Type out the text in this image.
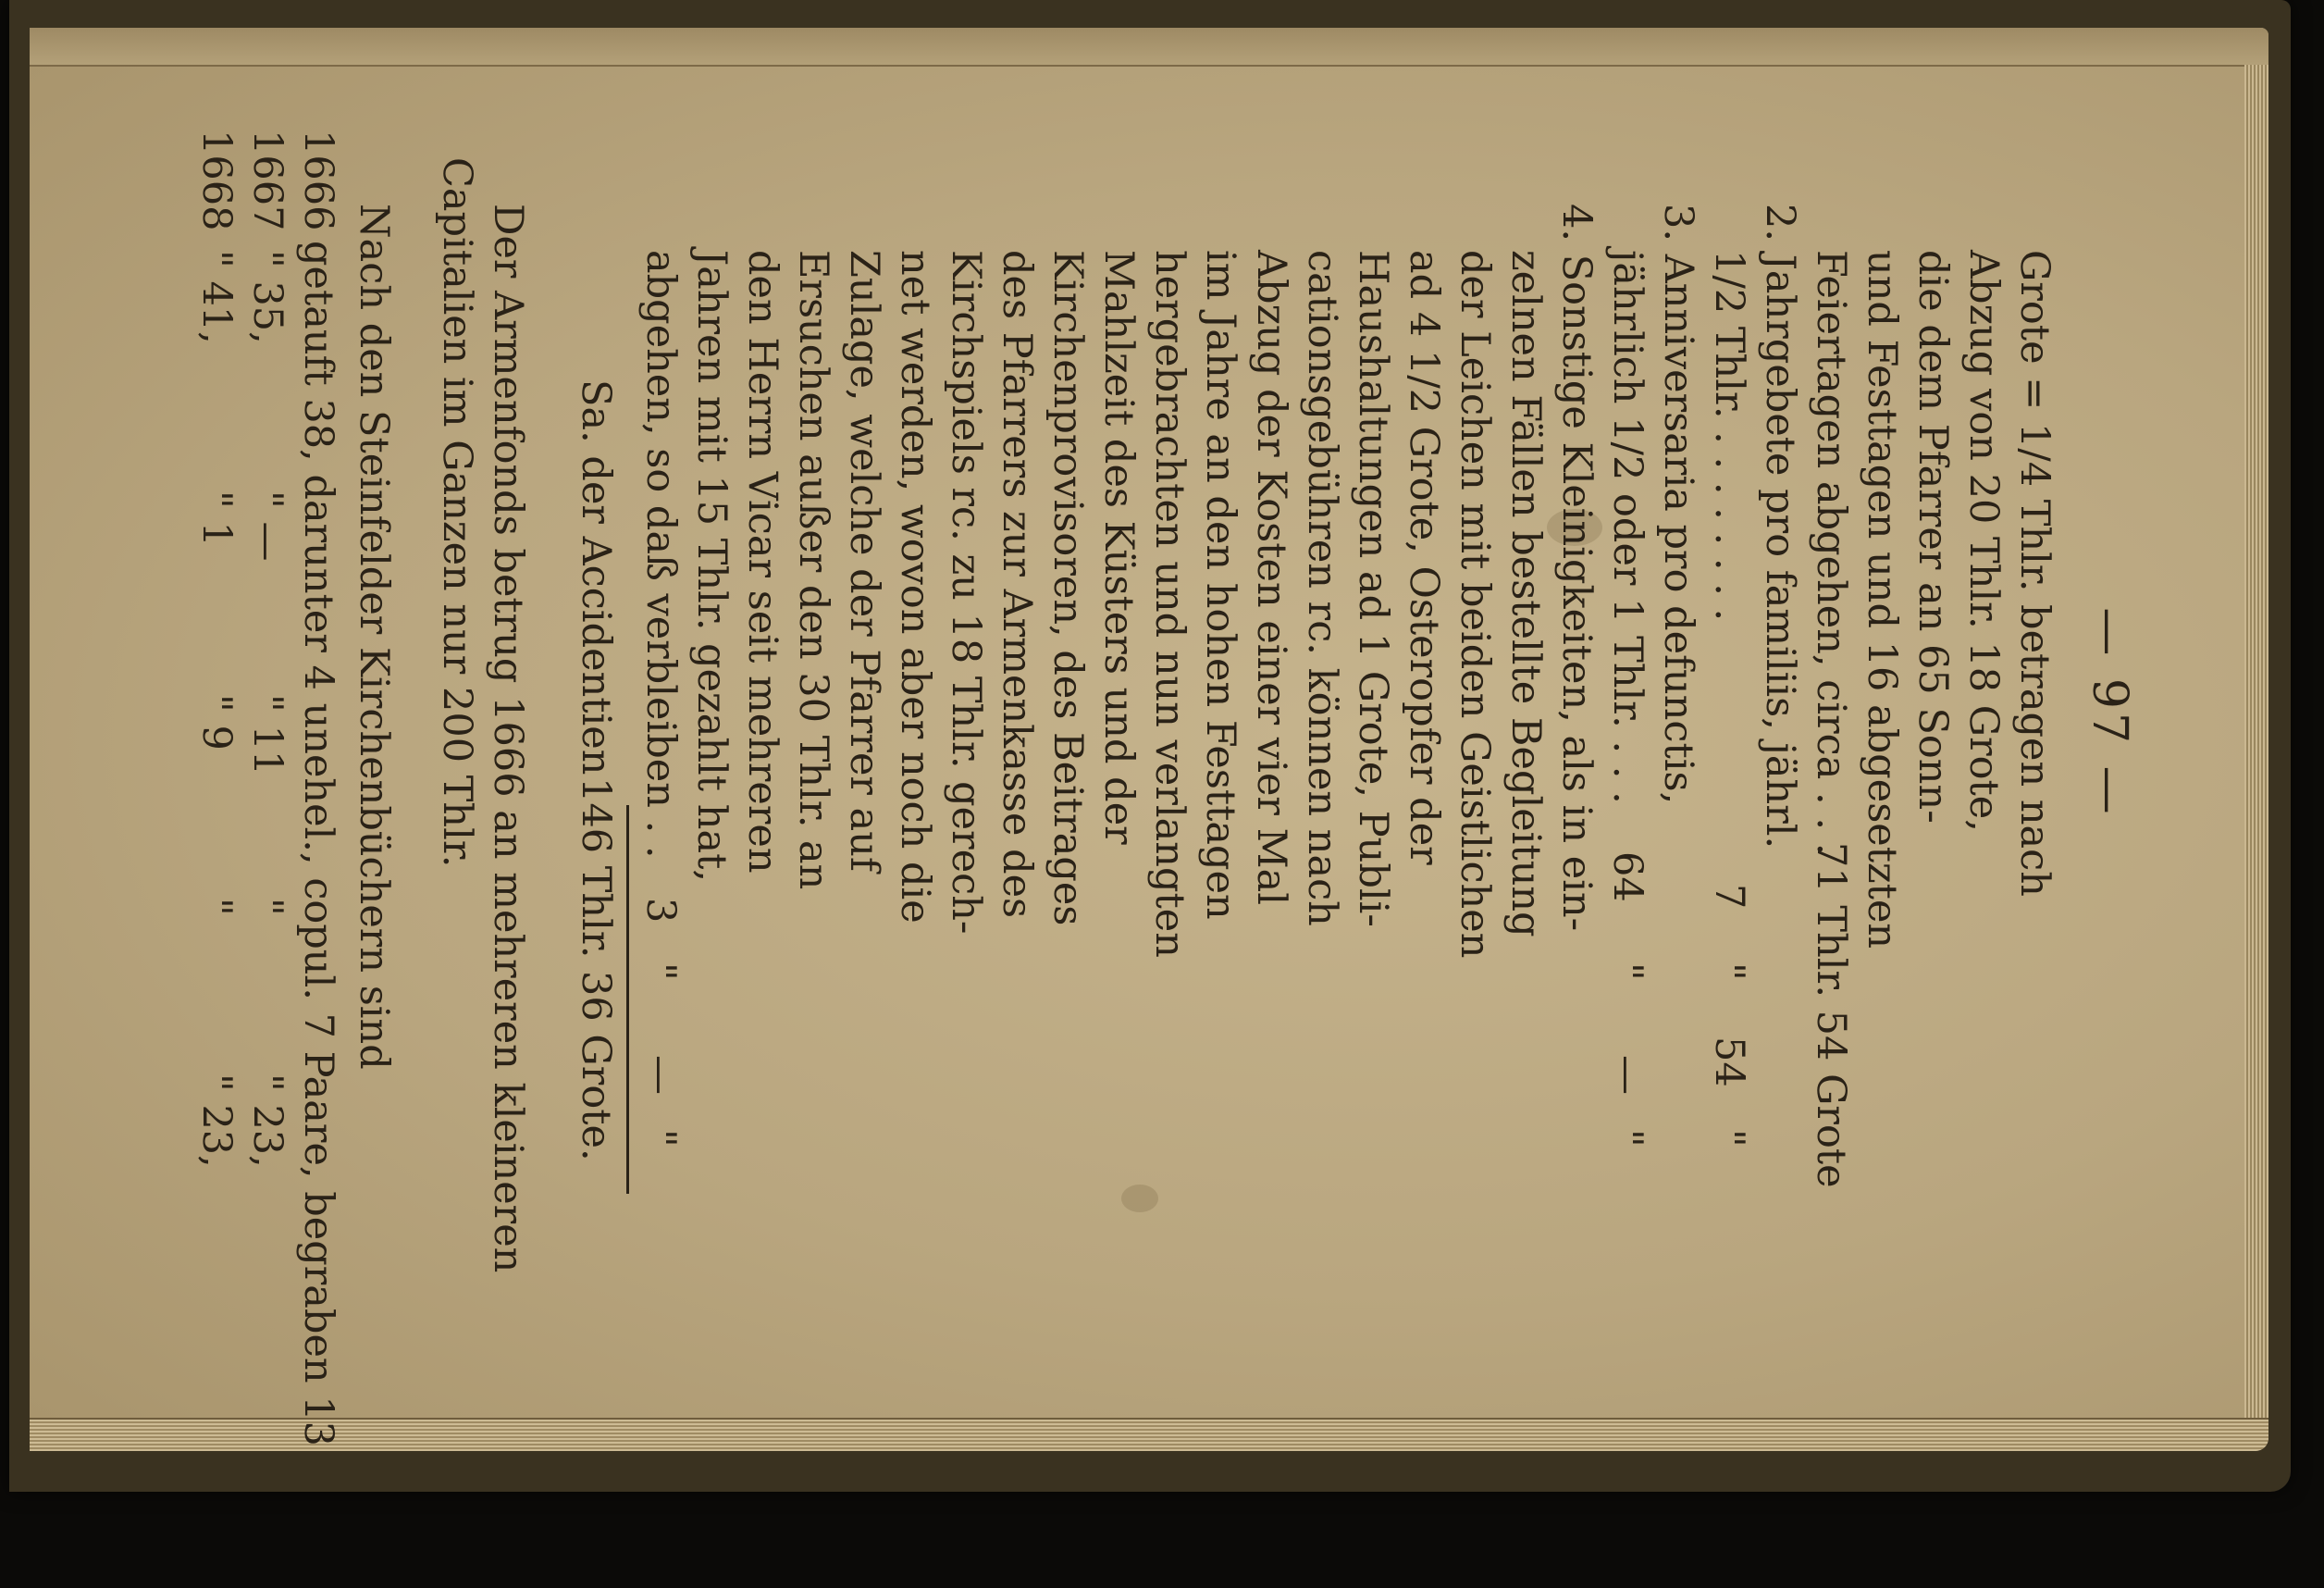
— 97 —
Grote = 1/4 Thlr. betragen nach
Abzug von 20 Thlr. 18 Grote,
die dem Pfarrer an 65 Sonn-
und Festtagen und 16 abgesetzten
Feiertagen abgehen, circa . . .
71 Thlr. 54 Grote
2. Jahrgebete pro familiis, jährl.
1/2 Thlr. . . . . . . . .
7
"
54
"
3. Anniversaria pro defunctis,
jährlich 1/2 oder 1 Thlr. . . .
64
"
—
"
4. Sonstige Kleinigkeiten, als in ein-
zelnen Fällen bestellte Begleitung
der Leichen mit beiden Geistlichen
ad 4 1/2 Grote, Osteropfer der
Haushaltungen ad 1 Grote, Publi-
cationsgebühren rc. können nach
Abzug der Kosten einer vier Mal
im Jahre an den hohen Festtagen
hergebrachten und nun verlangten
Mahlzeit des Küsters und der
Kirchenprovisoren, des Beitrages
des Pfarrers zur Armenkasse des
Kirchspiels rc. zu 18 Thlr. gerech-
net werden, wovon aber noch die
Zulage, welche der Pfarrer auf
Ersuchen außer den 30 Thlr. an
den Herrn Vicar seit mehreren
Jahren mit 15 Thlr. gezahlt hat,
abgehen, so daß verbleiben . .
3
"
—
"
Sa. der Accidentien
146 Thlr. 36 Grote.
Der Armenfonds betrug 1666 an mehreren kleineren
Capitalien im Ganzen nur 200 Thlr.
Nach den Steinfelder Kirchenbüchern sind
1666
getauft 38, darunter 4 unehel., copul. 7 Paare, begraben 13
1667
" 35,
" —
" 11
"
" 23,
1668
" 41,
" 1
" 9
"
" 23,
